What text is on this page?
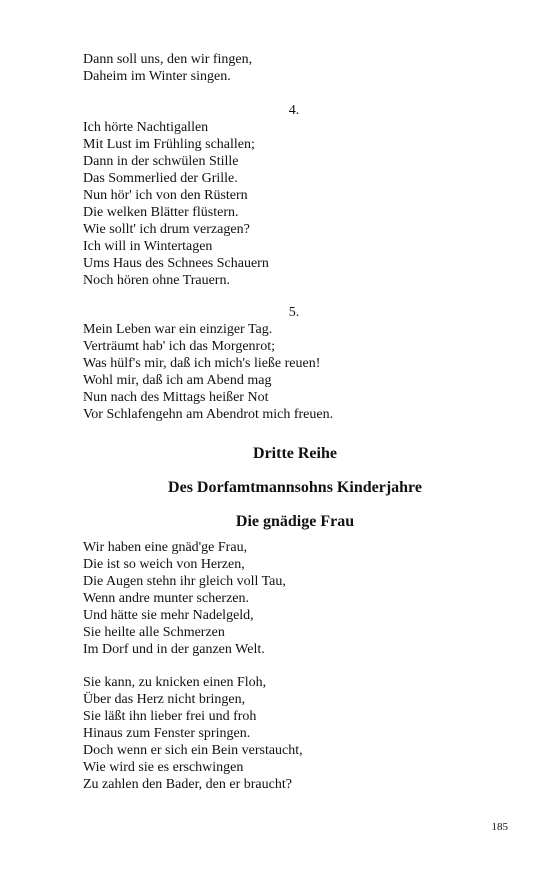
Dann soll uns, den wir fingen,
Daheim im Winter singen.
4.
Ich hörte Nachtigallen
Mit Lust im Frühling schallen;
Dann in der schwülen Stille
Das Sommerlied der Grille.
Nun hör' ich von den Rüstern
Die welken Blätter flüstern.
Wie sollt' ich drum verzagen?
Ich will in Wintertagen
Ums Haus des Schnees Schauern
Noch hören ohne Trauern.
5.
Mein Leben war ein einziger Tag.
Verträumt hab' ich das Morgenrot;
Was hülf's mir, daß ich mich's ließe reuen!
Wohl mir, daß ich am Abend mag
Nun nach des Mittags heißer Not
Vor Schlafengehn am Abendrot mich freuen.
Dritte Reihe
Des Dorfamtmannsohns Kinderjahre
Die gnädige Frau
Wir haben eine gnäd'ge Frau,
Die ist so weich von Herzen,
Die Augen stehn ihr gleich voll Tau,
Wenn andre munter scherzen.
Und hätte sie mehr Nadelgeld,
Sie heilte alle Schmerzen
Im Dorf und in der ganzen Welt.
Sie kann, zu knicken einen Floh,
Über das Herz nicht bringen,
Sie läßt ihn lieber frei und froh
Hinaus zum Fenster springen.
Doch wenn er sich ein Bein verstaucht,
Wie wird sie es erschwingen
Zu zahlen den Bader, den er braucht?
185
